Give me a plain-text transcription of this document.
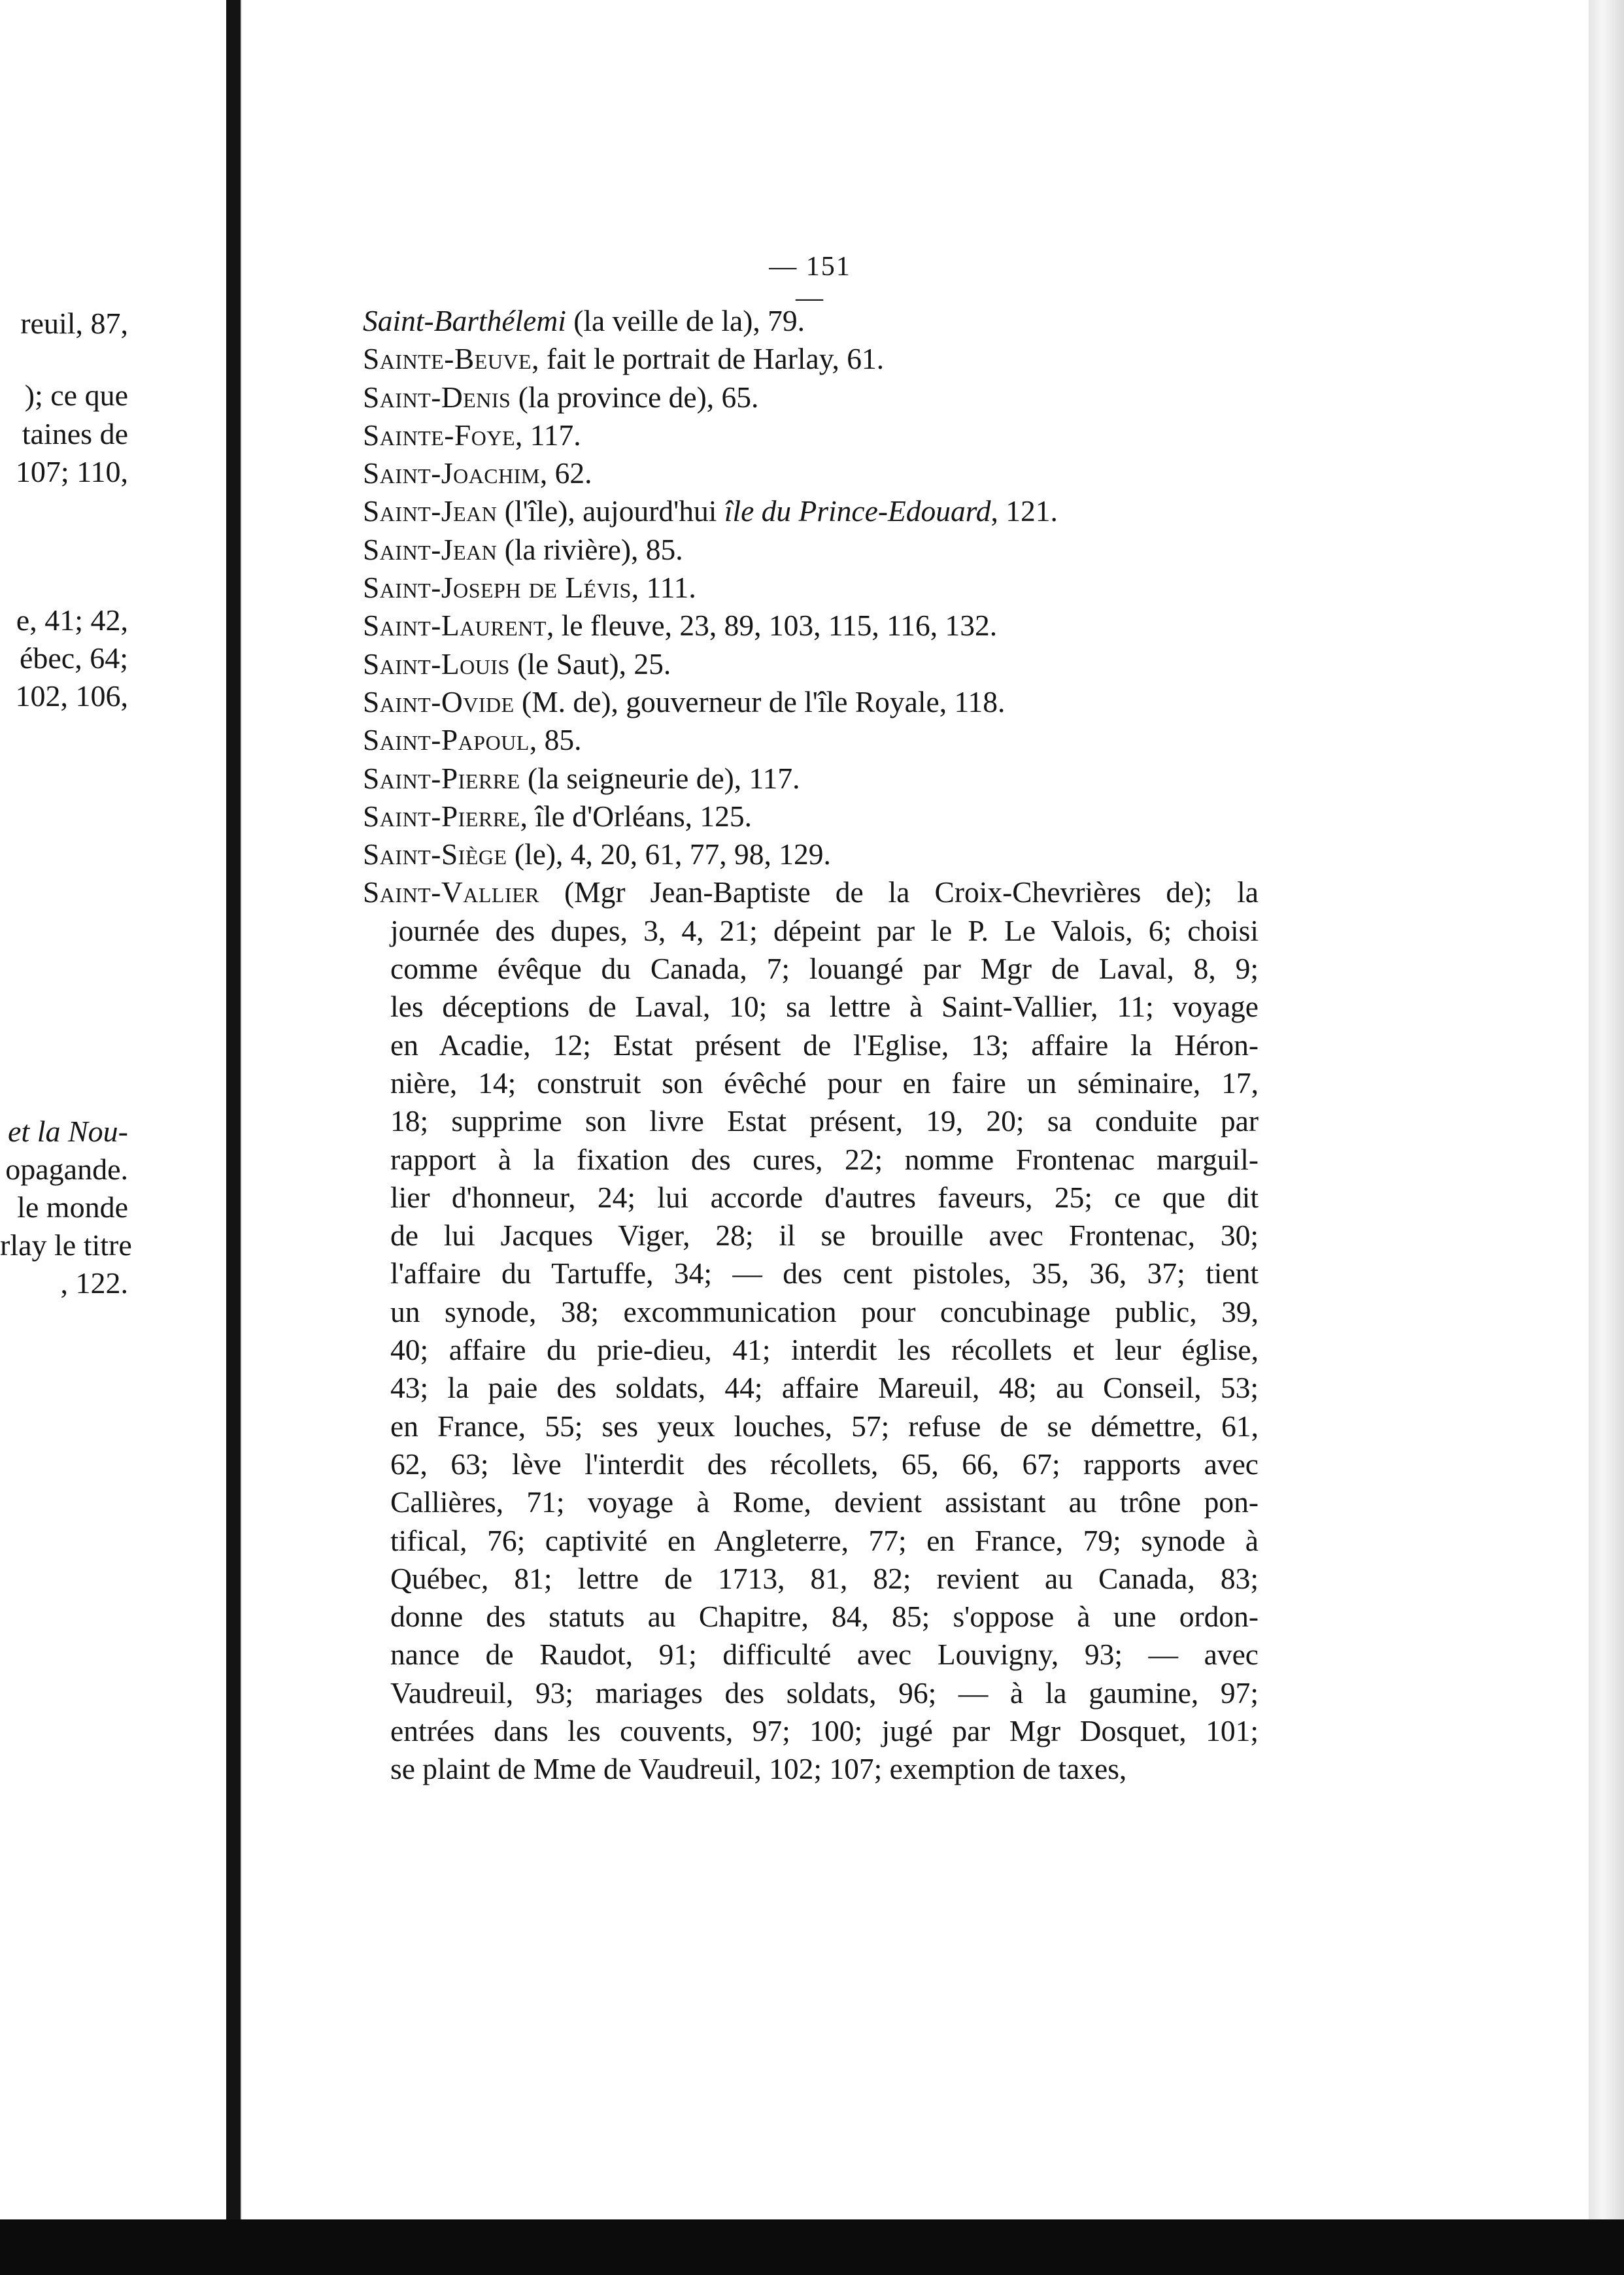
reuil, 87,
); ce que
taines de
107; 110,
e, 41; 42,
ébec, 64;
102, 106,
et la Nou-
opagande.
le monde
rlay le titre
, 122.
— 151 —
Saint-Barthélemi (la veille de la), 79.
Sainte-Beuve, fait le portrait de Harlay, 61.
Saint-Denis (la province de), 65.
Sainte-Foye, 117.
Saint-Joachim, 62.
Saint-Jean (l'île), aujourd'hui île du Prince-Edouard, 121.
Saint-Jean (la rivière), 85.
Saint-Joseph de Lévis, 111.
Saint-Laurent, le fleuve, 23, 89, 103, 115, 116, 132.
Saint-Louis (le Saut), 25.
Saint-Ovide (M. de), gouverneur de l'île Royale, 118.
Saint-Papoul, 85.
Saint-Pierre (la seigneurie de), 117.
Saint-Pierre, île d'Orléans, 125.
Saint-Siège (le), 4, 20, 61, 77, 98, 129.
Saint-Vallier (Mgr Jean-Baptiste de la Croix-Chevrières de); la
journée des dupes, 3, 4, 21; dépeint par le P. Le Valois, 6; choisi
comme évêque du Canada, 7; louangé par Mgr de Laval, 8, 9;
les déceptions de Laval, 10; sa lettre à Saint-Vallier, 11; voyage
en Acadie, 12; Estat présent de l'Eglise, 13; affaire la Héron-
nière, 14; construit son évêché pour en faire un séminaire, 17,
18; supprime son livre Estat présent, 19, 20; sa conduite par
rapport à la fixation des cures, 22; nomme Frontenac marguil-
lier d'honneur, 24; lui accorde d'autres faveurs, 25; ce que dit
de lui Jacques Viger, 28; il se brouille avec Frontenac, 30;
l'affaire du Tartuffe, 34; — des cent pistoles, 35, 36, 37; tient
un synode, 38; excommunication pour concubinage public, 39,
40; affaire du prie-dieu, 41; interdit les récollets et leur église,
43; la paie des soldats, 44; affaire Mareuil, 48; au Conseil, 53;
en France, 55; ses yeux louches, 57; refuse de se démettre, 61,
62, 63; lève l'interdit des récollets, 65, 66, 67; rapports avec
Callières, 71; voyage à Rome, devient assistant au trône pon-
tifical, 76; captivité en Angleterre, 77; en France, 79; synode à
Québec, 81; lettre de 1713, 81, 82; revient au Canada, 83;
donne des statuts au Chapitre, 84, 85; s'oppose à une ordon-
nance de Raudot, 91; difficulté avec Louvigny, 93; — avec
Vaudreuil, 93; mariages des soldats, 96; — à la gaumine, 97;
entrées dans les couvents, 97; 100; jugé par Mgr Dosquet, 101;
se plaint de Mme de Vaudreuil, 102; 107; exemption de taxes,
